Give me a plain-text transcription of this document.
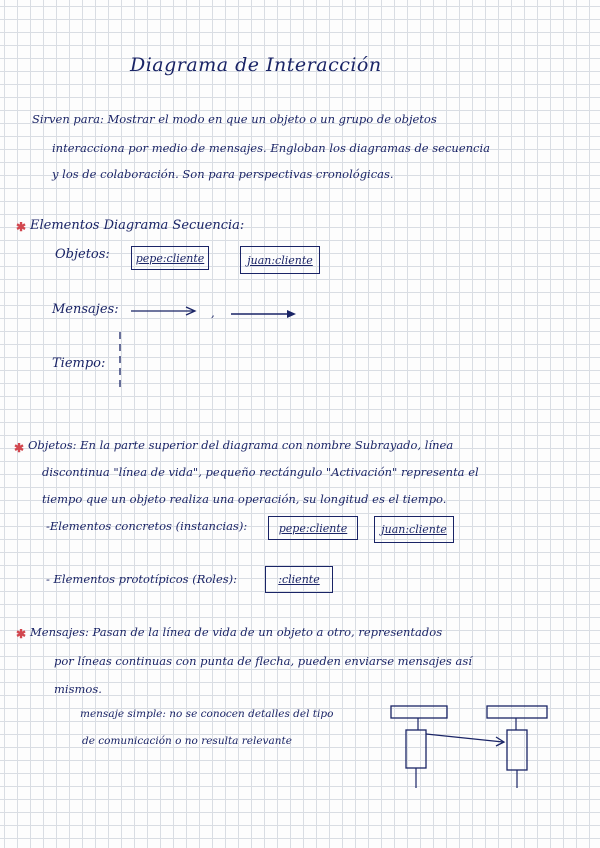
Diagrama de Interacción
Sirven para: Mostrar el modo en que un objeto o un grupo de objetos
interacciona por medio de mensajes. Engloban los diagramas de secuencia
y los de colaboración. Son para perspectivas cronológicas.
✱ Elementos Diagrama Secuencia:
Objetos: pepe:cliente	juan:cliente
Mensajes:	,
Tiempo:
✱ Objetos: En la parte superior del diagrama con nombre Subrayado, línea
discontinua "línea de vida", pequeño rectángulo "Activación" representa el
tiempo que un objeto realiza una operación, su longitud es el tiempo.
-Elementos concretos (instancias):	pepe:cliente	juan:cliente
- Elementos prototípicos (Roles):	:cliente
✱ Mensajes: Pasan de la línea de vida de un objeto a otro, representados
por líneas continuas con punta de flecha, pueden enviarse mensajes así
mismos.
mensaje simple: no se conocen detalles del tipo
de comunicación o no resulta relevante
